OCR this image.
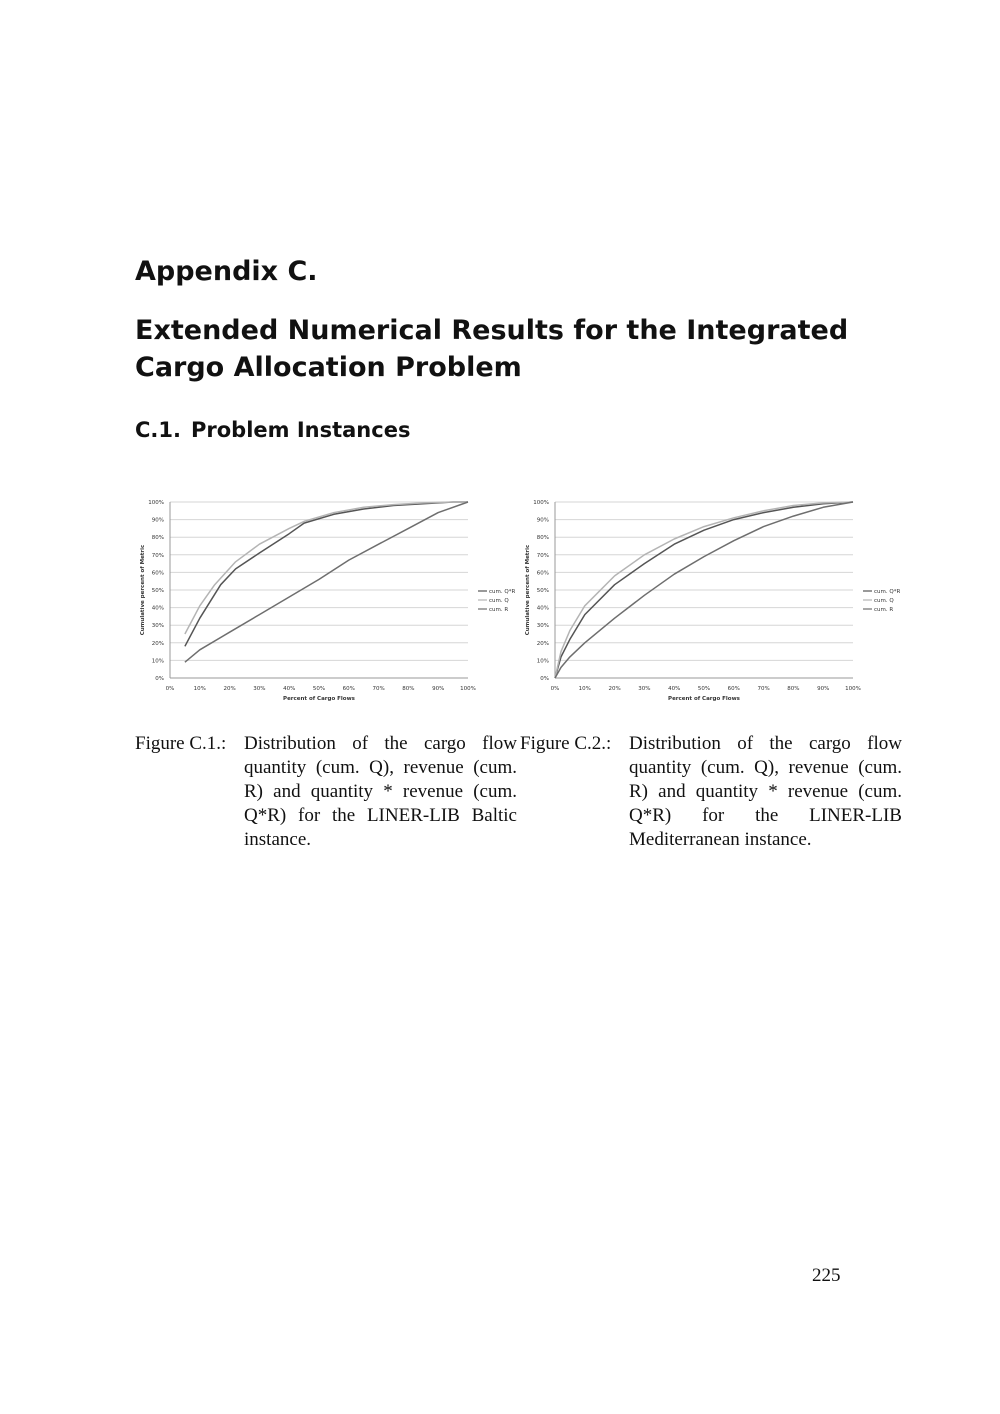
Appendix C.
Extended Numerical Results for the Integrated Cargo Allocation Problem
C.1. Problem Instances
0%
10%
20%
30%
40%
50%
60%
70%
80%
90%
100%
0%	10%	20%	30%	40%	50%	60%	70%	80%	90%	100%
Percent of Cargo Flows
Cumulative percent of Metric	cum. Q*R
cum. Q
cum. R
0%
10%
20%
30%
40%
50%
60%
70%
80%
90%
100%
0%	10%	20%	30%	40%	50%	60%	70%	80%	90%	100%
Percent of Cargo Flows
Cumulative percent of Metric	cum. Q*R
cum. Q
cum. R
Figure C.1.: Distribution of the cargo flow quantity (cum. Q), revenue (cum. R) and quantity * revenue (cum. Q*R) for the LINER-LIB Baltic instance.
Figure C.2.: Distribution of the cargo flow quantity (cum. Q), revenue (cum. R) and quantity * revenue (cum. Q*R) for the LINER-LIB Mediterranean instance.
225
